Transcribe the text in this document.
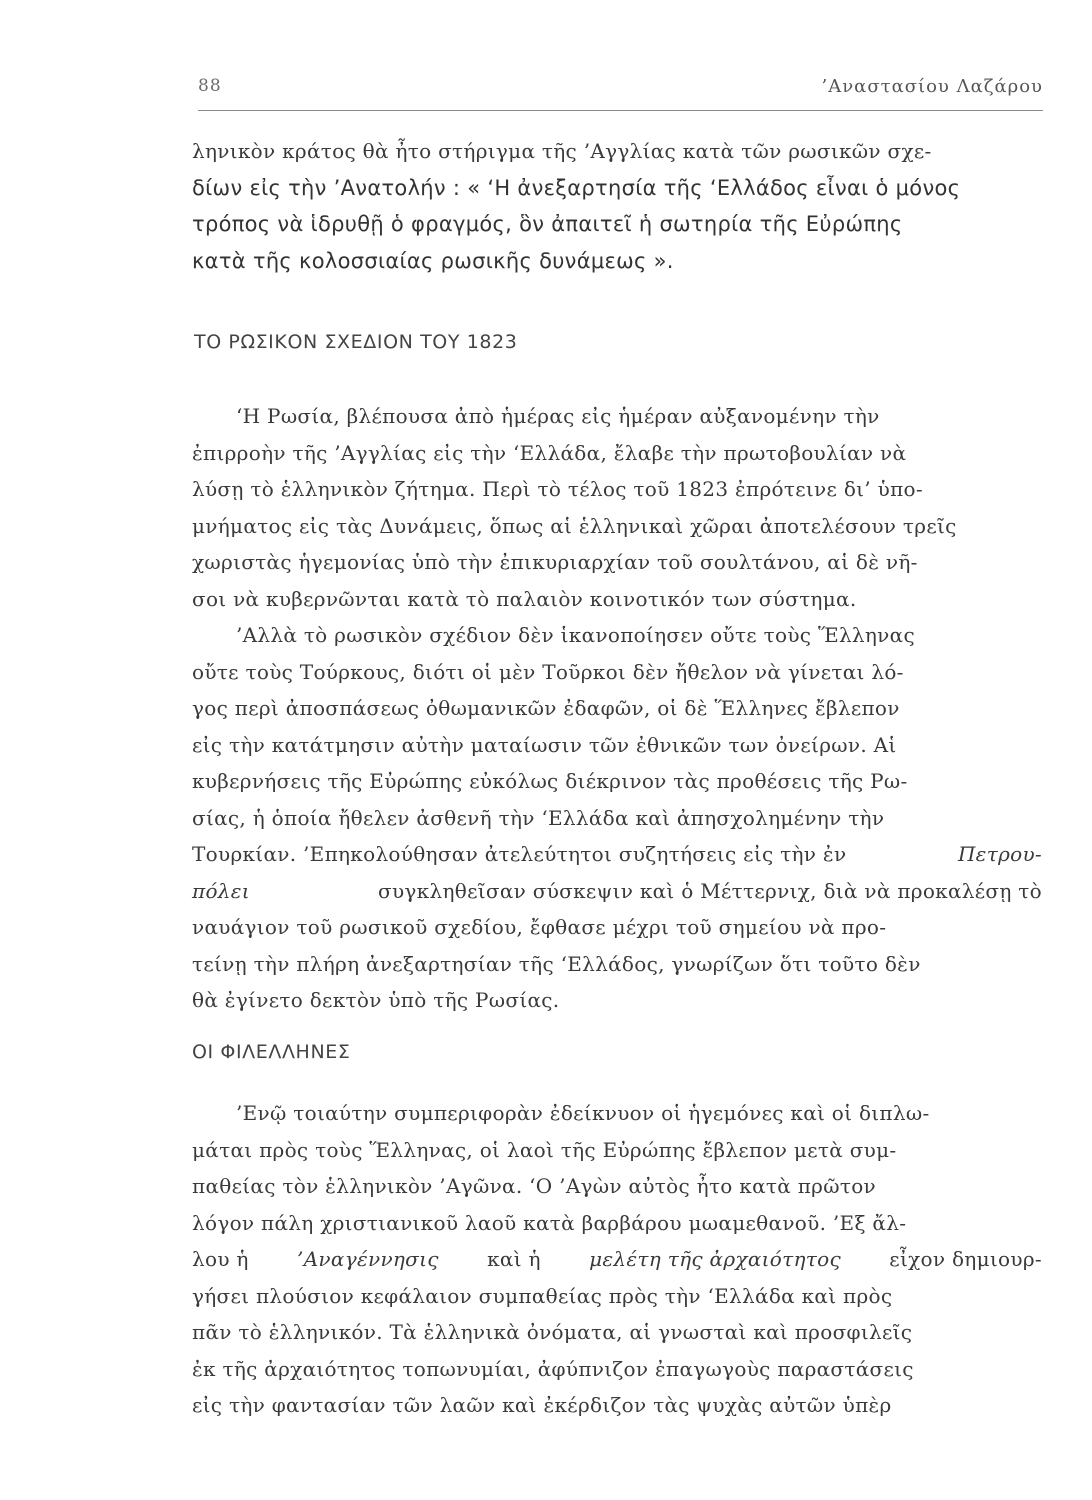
88	’Αναστασίου Λαζάρου
ληνικὸν κράτος θὰ ἦτο στήριγμα τῆς ’Αγγλίας κατὰ τῶν ρωσικῶν σχε-
δίων εἰς τὴν ’Ανατολήν : « ‘Η ἀνεξαρτησία τῆς ‘Ελλάδος εἶναι ὁ μόνος
τρόπος νὰ ἱδρυθῇ ὁ φραγμός, ὃν ἀπαιτεῖ ἡ σωτηρία τῆς Εὐρώπης
κατὰ τῆς κολοσσιαίας ρωσικῆς δυνάμεως ».
ΤΟ ΡΩΣΙΚΟΝ ΣΧΕΔΙΟΝ ΤΟΥ 1823
‘Η Ρωσία, βλέπουσα ἀπὸ ἡμέρας εἰς ἡμέραν αὐξανομένην τὴν
ἐπιρροὴν τῆς ’Αγγλίας εἰς τὴν ‘Ελλάδα, ἔλαβε τὴν πρωτοβουλίαν νὰ
λύσῃ τὸ ἑλληνικὸν ζήτημα. Περὶ τὸ τέλος τοῦ 1823 ἐπρότεινε δι’ ὑπο-
μνήματος εἰς τὰς Δυνάμεις, ὅπως αἱ ἑλληνικαὶ χῶραι ἀποτελέσουν τρεῖς
χωριστὰς ἡγεμονίας ὑπὸ τὴν ἐπικυριαρχίαν τοῦ σουλτάνου, αἱ δὲ νῆ-
σοι νὰ κυβερνῶνται κατὰ τὸ παλαιὸν κοινοτικόν των σύστημα.
’Αλλὰ τὸ ρωσικὸν σχέδιον δὲν ἱκανοποίησεν οὔτε τοὺς Ἕλληνας
οὔτε τοὺς Τούρκους, διότι οἱ μὲν Τοῦρκοι δὲν ἤθελον νὰ γίνεται λό-
γος περὶ ἀποσπάσεως ὀθωμανικῶν ἐδαφῶν, οἱ δὲ Ἕλληνες ἔβλεπον
εἰς τὴν κατάτμησιν αὐτὴν ματαίωσιν τῶν ἐθνικῶν των ὀνείρων. Αἱ
κυβερνήσεις τῆς Εὐρώπης εὐκόλως διέκρινον τὰς προθέσεις τῆς Ρω-
σίας, ἡ ὁποία ἤθελεν ἀσθενῆ τὴν ‘Ελλάδα καὶ ἀπησχολημένην τὴν
Τουρκίαν. ’Επηκολούθησαν ἀτελεύτητοι συζητήσεις εἰς τὴν ἐν	Πετρου-
πόλει	συγκληθεῖσαν σύσκεψιν καὶ ὁ Μέττερνιχ, διὰ νὰ προκαλέσῃ τὸ
ναυάγιον τοῦ ρωσικοῦ σχεδίου, ἔφθασε μέχρι τοῦ σημείου νὰ προ-
τείνῃ τὴν πλήρη ἀνεξαρτησίαν τῆς ‘Ελλάδος, γνωρίζων ὅτι τοῦτο δὲν
θὰ ἐγίνετο δεκτὸν ὑπὸ τῆς Ρωσίας.
ΟΙ ΦΙΛΕΛΛΗΝΕΣ
’Ενῷ τοιαύτην συμπεριφορὰν ἐδείκνυον οἱ ἡγεμόνες καὶ οἱ διπλω-
μάται πρὸς τοὺς Ἕλληνας, οἱ λαοὶ τῆς Εὐρώπης ἔβλεπον μετὰ συμ-
παθείας τὸν ἑλληνικὸν ’Αγῶνα. ‘Ο ’Αγὼν αὐτὸς ἦτο κατὰ πρῶτον
λόγον πάλη χριστιανικοῦ λαοῦ κατὰ βαρβάρου μωαμεθανοῦ. ’Εξ ἄλ-
λου ἡ ’Αναγέννησις καὶ ἡ μελέτη τῆς ἀρχαιότητος εἶχον δημιουρ-
γήσει πλούσιον κεφάλαιον συμπαθείας πρὸς τὴν ‘Ελλάδα καὶ πρὸς
πᾶν τὸ ἑλληνικόν. Τὰ ἑλληνικὰ ὀνόματα, αἱ γνωσταὶ καὶ προσφιλεῖς
ἐκ τῆς ἀρχαιότητος τοπωνυμίαι, ἀφύπνιζον ἐπαγωγοὺς παραστάσεις
εἰς τὴν φαντασίαν τῶν λαῶν καὶ ἐκέρδιζον τὰς ψυχὰς αὐτῶν ὑπὲρ
